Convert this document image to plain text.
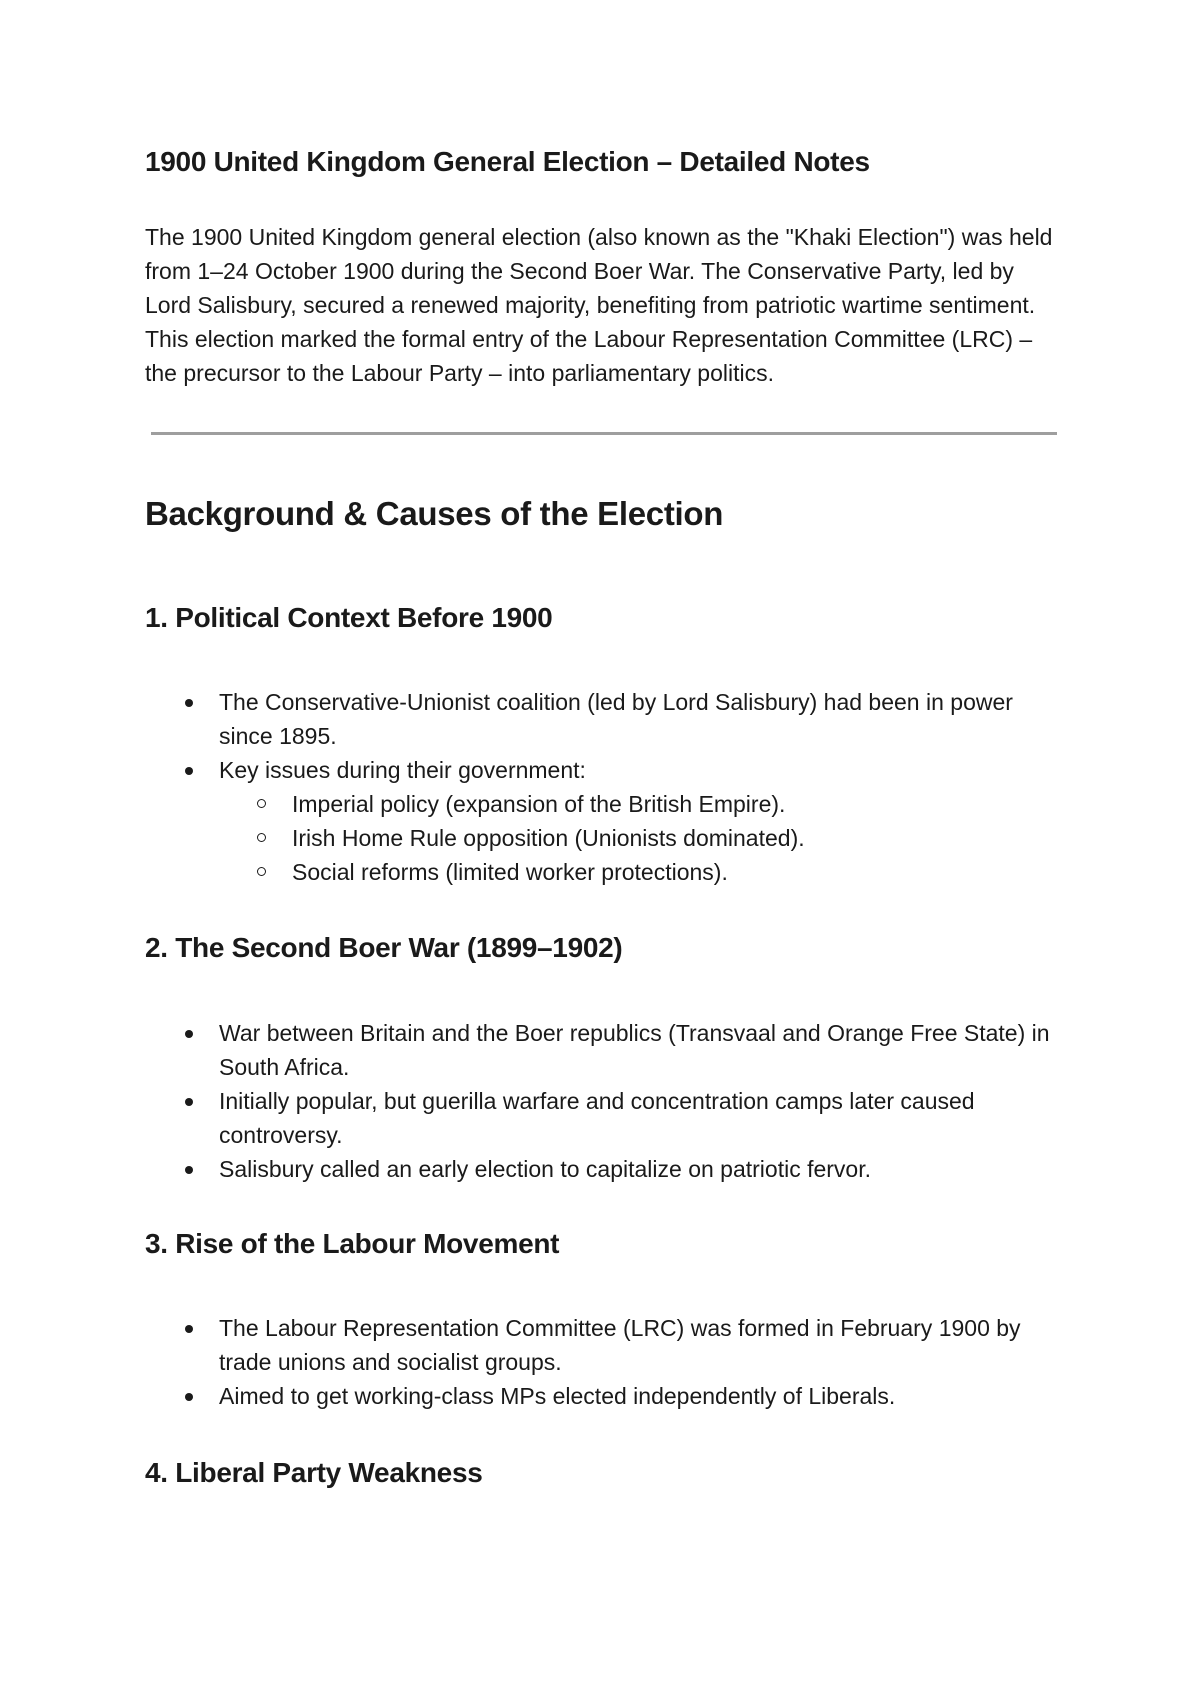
1900 United Kingdom General Election – Detailed Notes

The 1900 United Kingdom general election (also known as the "Khaki Election") was held from 1–24 October 1900 during the Second Boer War. The Conservative Party, led by Lord Salisbury, secured a renewed majority, benefiting from patriotic wartime sentiment. This election marked the formal entry of the Labour Representation Committee (LRC) – the precursor to the Labour Party – into parliamentary politics.

Background & Causes of the Election
1. Political Context Before 1900
The Conservative-Unionist coalition (led by Lord Salisbury) had been in power since 1895.
Key issues during their government:
Imperial policy (expansion of the British Empire).
Irish Home Rule opposition (Unionists dominated).
Social reforms (limited worker protections).
2. The Second Boer War (1899–1902)
War between Britain and the Boer republics (Transvaal and Orange Free State) in South Africa.
Initially popular, but guerilla warfare and concentration camps later caused controversy.
Salisbury called an early election to capitalize on patriotic fervor.
3. Rise of the Labour Movement
The Labour Representation Committee (LRC) was formed in February 1900 by trade unions and socialist groups.
Aimed to get working-class MPs elected independently of Liberals.
4. Liberal Party Weakness
